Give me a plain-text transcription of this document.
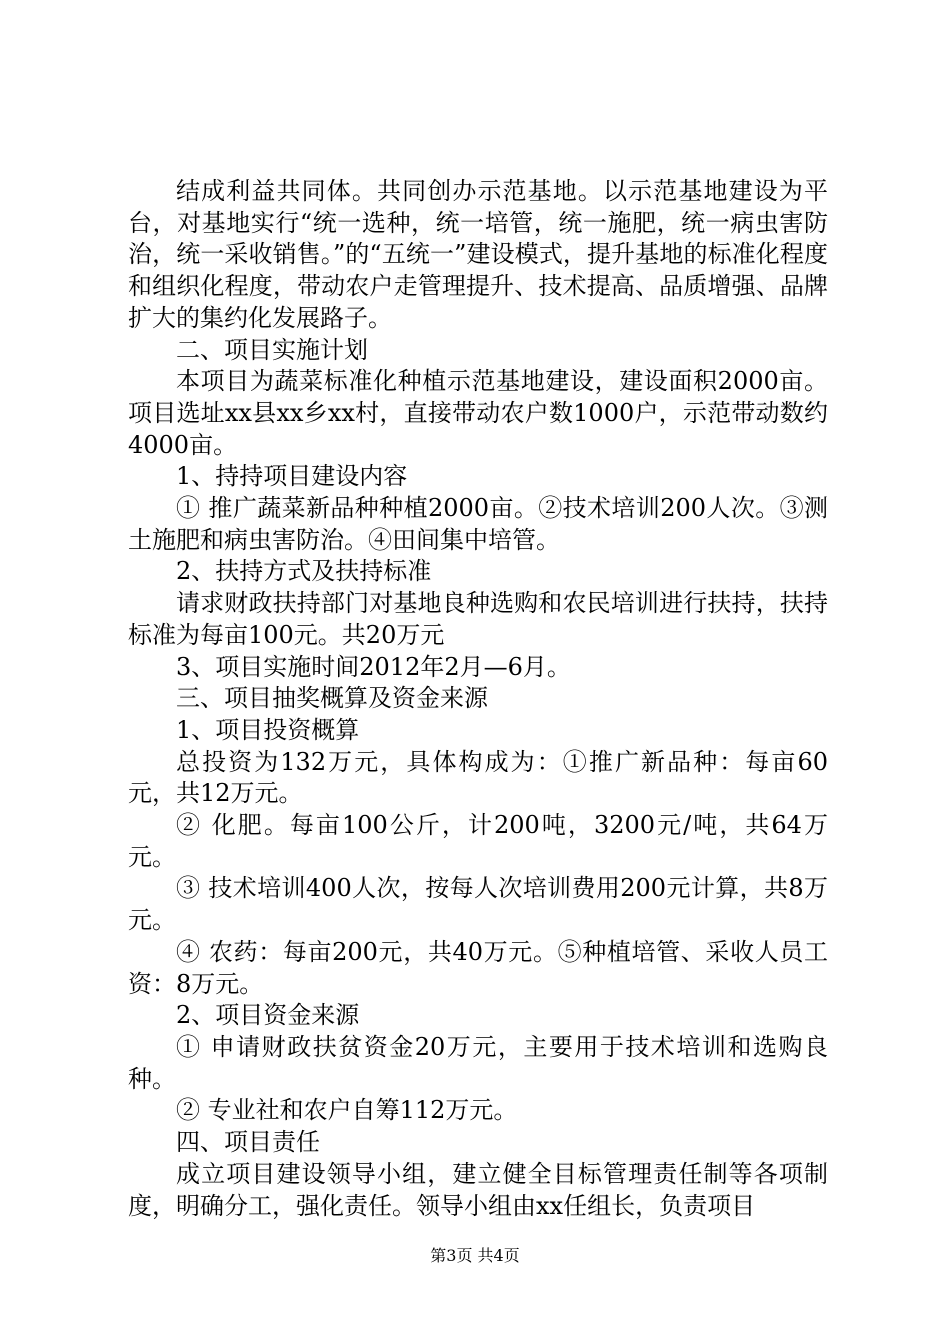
结成利益共同体。共同创办示范基地。以示范基地建设为平台，对基地实行“统一选种，统一培管，统一施肥，统一病虫害防治，统一采收销售。”的“五统一”建设模式，提升基地的标准化程度和组织化程度，带动农户走管理提升、技术提高、品质增强、品牌扩大的集约化发展路子。

二、项目实施计划

本项目为蔬菜标准化种植示范基地建设，建设面积2000亩。项目选址xx县xx乡xx村，直接带动农户数1000户，示范带动数约4000亩。

1、持持项目建设内容

① 推广蔬菜新品种种植2000亩。②技术培训200人次。③测土施肥和病虫害防治。④田间集中培管。

2、扶持方式及扶持标准

请求财政扶持部门对基地良种选购和农民培训进行扶持，扶持标准为每亩100元。共20万元

3、项目实施时间2012年2月—6月。

三、项目抽奖概算及资金来源

1、项目投资概算

总投资为132万元，具体构成为：①推广新品种：每亩60元，共12万元。

② 化肥。每亩100公斤，计200吨，3200元/吨，共64万元。

③ 技术培训400人次，按每人次培训费用200元计算，共8万元。

④ 农药：每亩200元，共40万元。⑤种植培管、采收人员工资：8万元。

2、项目资金来源

① 申请财政扶贫资金20万元，主要用于技术培训和选购良种。

② 专业社和农户自筹112万元。

四、项目责任

成立项目建设领导小组，建立健全目标管理责任制等各项制度，明确分工，强化责任。领导小组由xx任组长，负责项目

第3页 共4页
